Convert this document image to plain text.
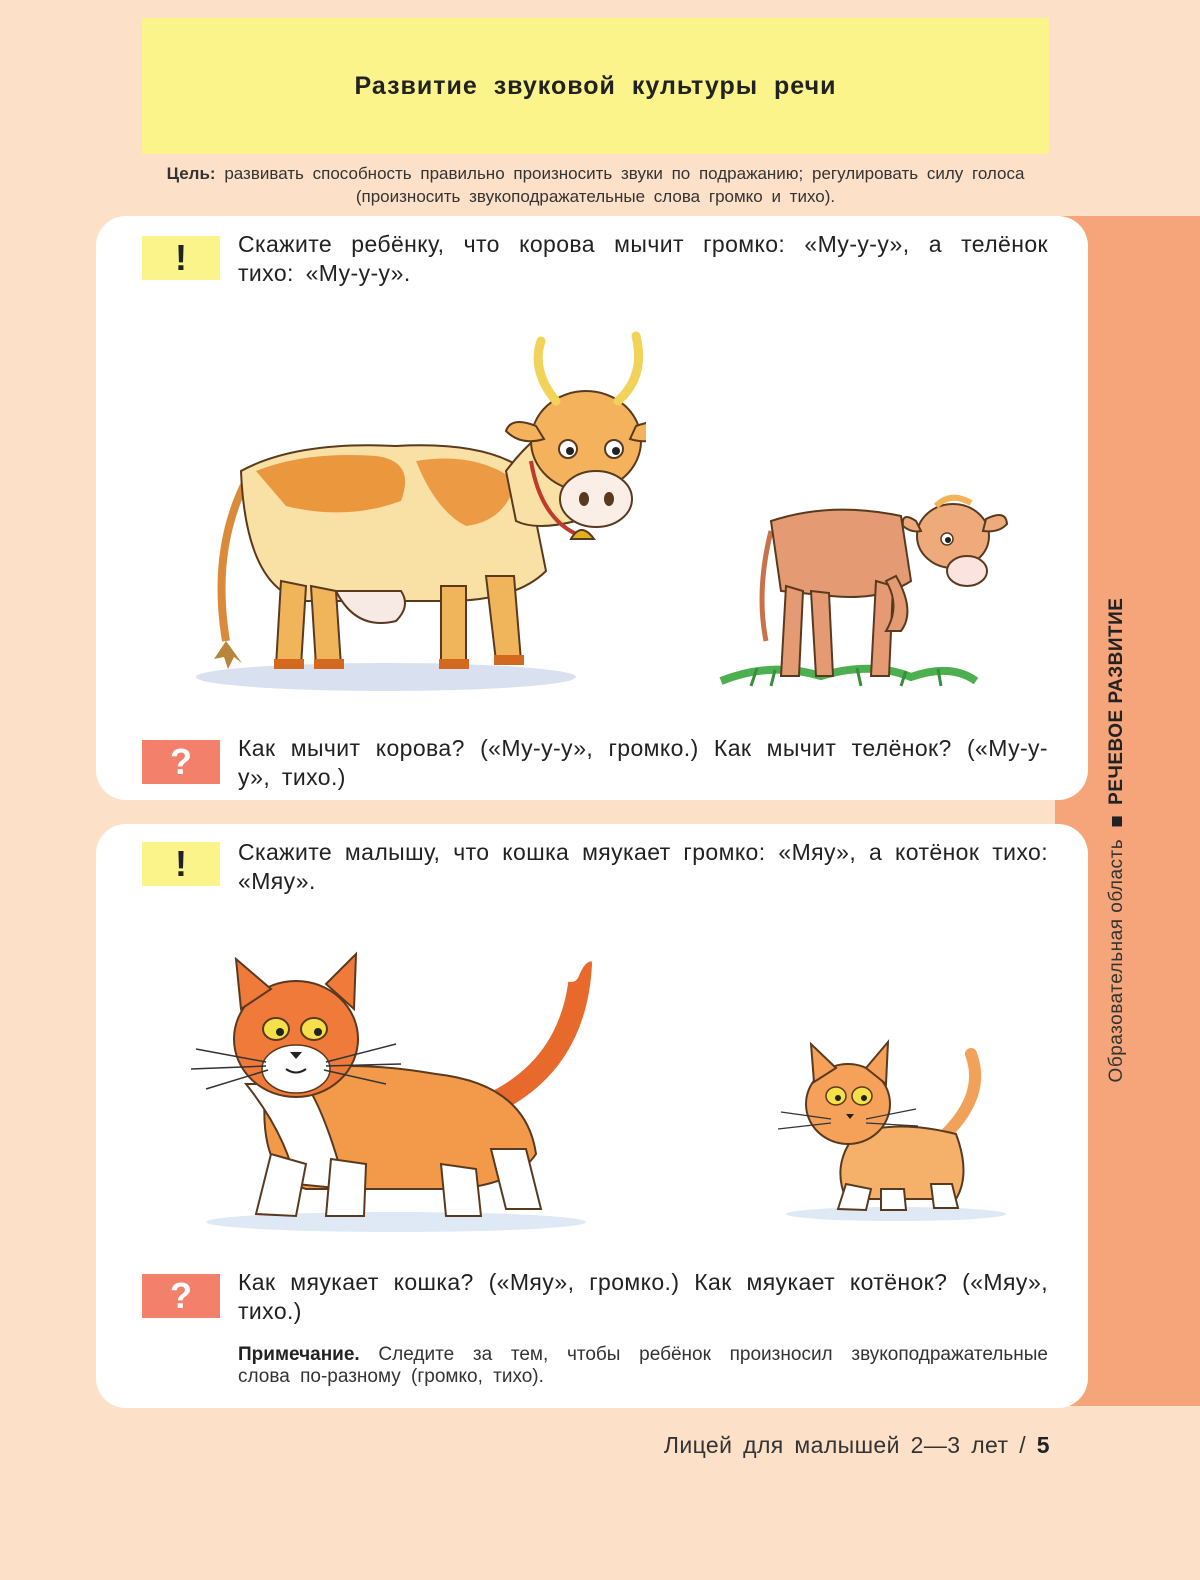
Развитие звуковой культуры речи
Цель: развивать способность правильно произносить звуки по подражанию; регулировать силу голоса (произносить звукоподражательные слова громко и тихо).
Образовательная областьРЕЧЕВОЕ РАЗВИТИЕ
!	Скажите ребёнку, что корова мычит громко: «Му-у-у», а телёнок тихо: «Му-у-у».
?	Как мычит корова? («Му-у-у», громко.) Как мычит телёнок? («Му-у-у», тихо.)
!	Скажите малышу, что кошка мяукает громко: «Мяу», а котёнок тихо: «Мяу».
?	Как мяукает кошка? («Мяу», громко.) Как мяукает котёнок? («Мяу», тихо.)
Примечание. Следите за тем, чтобы ребёнок произносил звукоподражательные слова по-разному (громко, тихо).
Лицей для малышей 2—3 лет / 5
